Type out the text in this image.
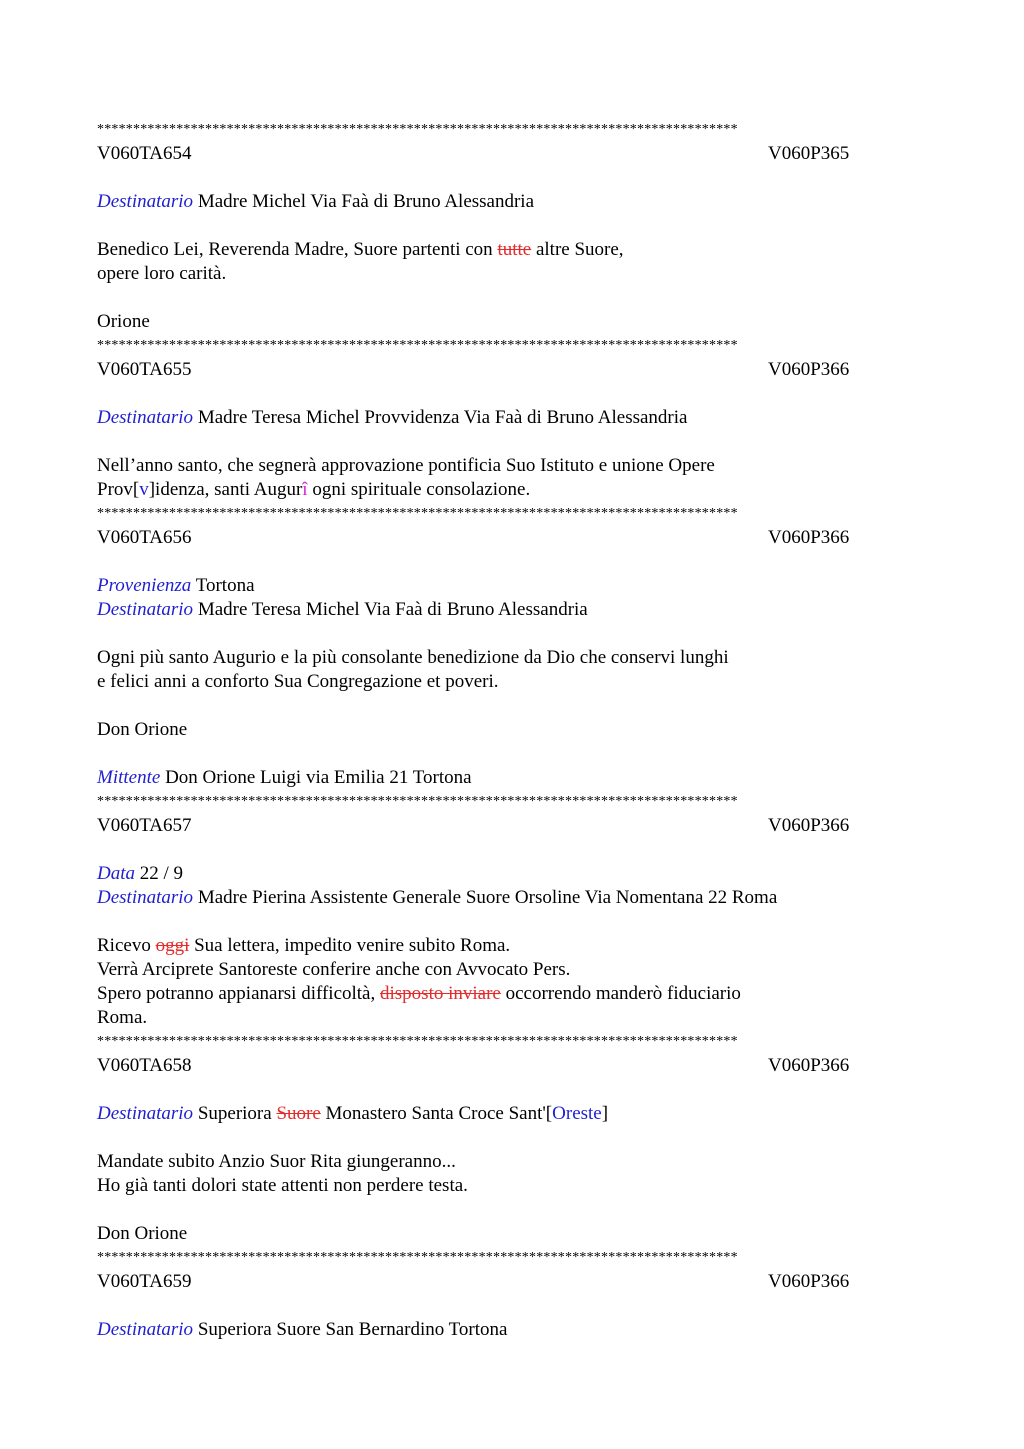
*****************************************************************************************
V060TA654	V060P365
Destinatario Madre Michel Via Faà di Bruno Alessandria
Benedico Lei, Reverenda Madre, Suore partenti con tutte altre Suore,
opere loro carità.
Orione
*****************************************************************************************
V060TA655	V060P366
Destinatario Madre Teresa Michel Provvidenza Via Faà di Bruno Alessandria
Nell’anno santo, che segnerà approvazione pontificia Suo Istituto e unione Opere
Prov[v]idenza, santi Augurî ogni spirituale consolazione.
*****************************************************************************************
V060TA656	V060P366
Provenienza Tortona
Destinatario Madre Teresa Michel Via Faà di Bruno Alessandria
Ogni più santo Augurio e la più consolante benedizione da Dio che conservi lunghi
e felici anni a conforto Sua Congregazione et poveri.
Don Orione
Mittente Don Orione Luigi via Emilia 21 Tortona
*****************************************************************************************
V060TA657	V060P366
Data 22 / 9
Destinatario Madre Pierina Assistente Generale Suore Orsoline Via Nomentana 22 Roma
Ricevo oggi Sua lettera, impedito venire subito Roma.
Verrà Arciprete Santoreste conferire anche con Avvocato Pers.
Spero potranno appianarsi difficoltà, disposto inviare occorrendo manderò fiduciario
Roma.
*****************************************************************************************
V060TA658	V060P366
Destinatario Superiora Suore Monastero Santa Croce Sant'[Oreste]
Mandate subito Anzio Suor Rita giungeranno...
Ho già tanti dolori state attenti non perdere testa.
Don Orione
*****************************************************************************************
V060TA659	V060P366
Destinatario Superiora Suore San Bernardino Tortona
